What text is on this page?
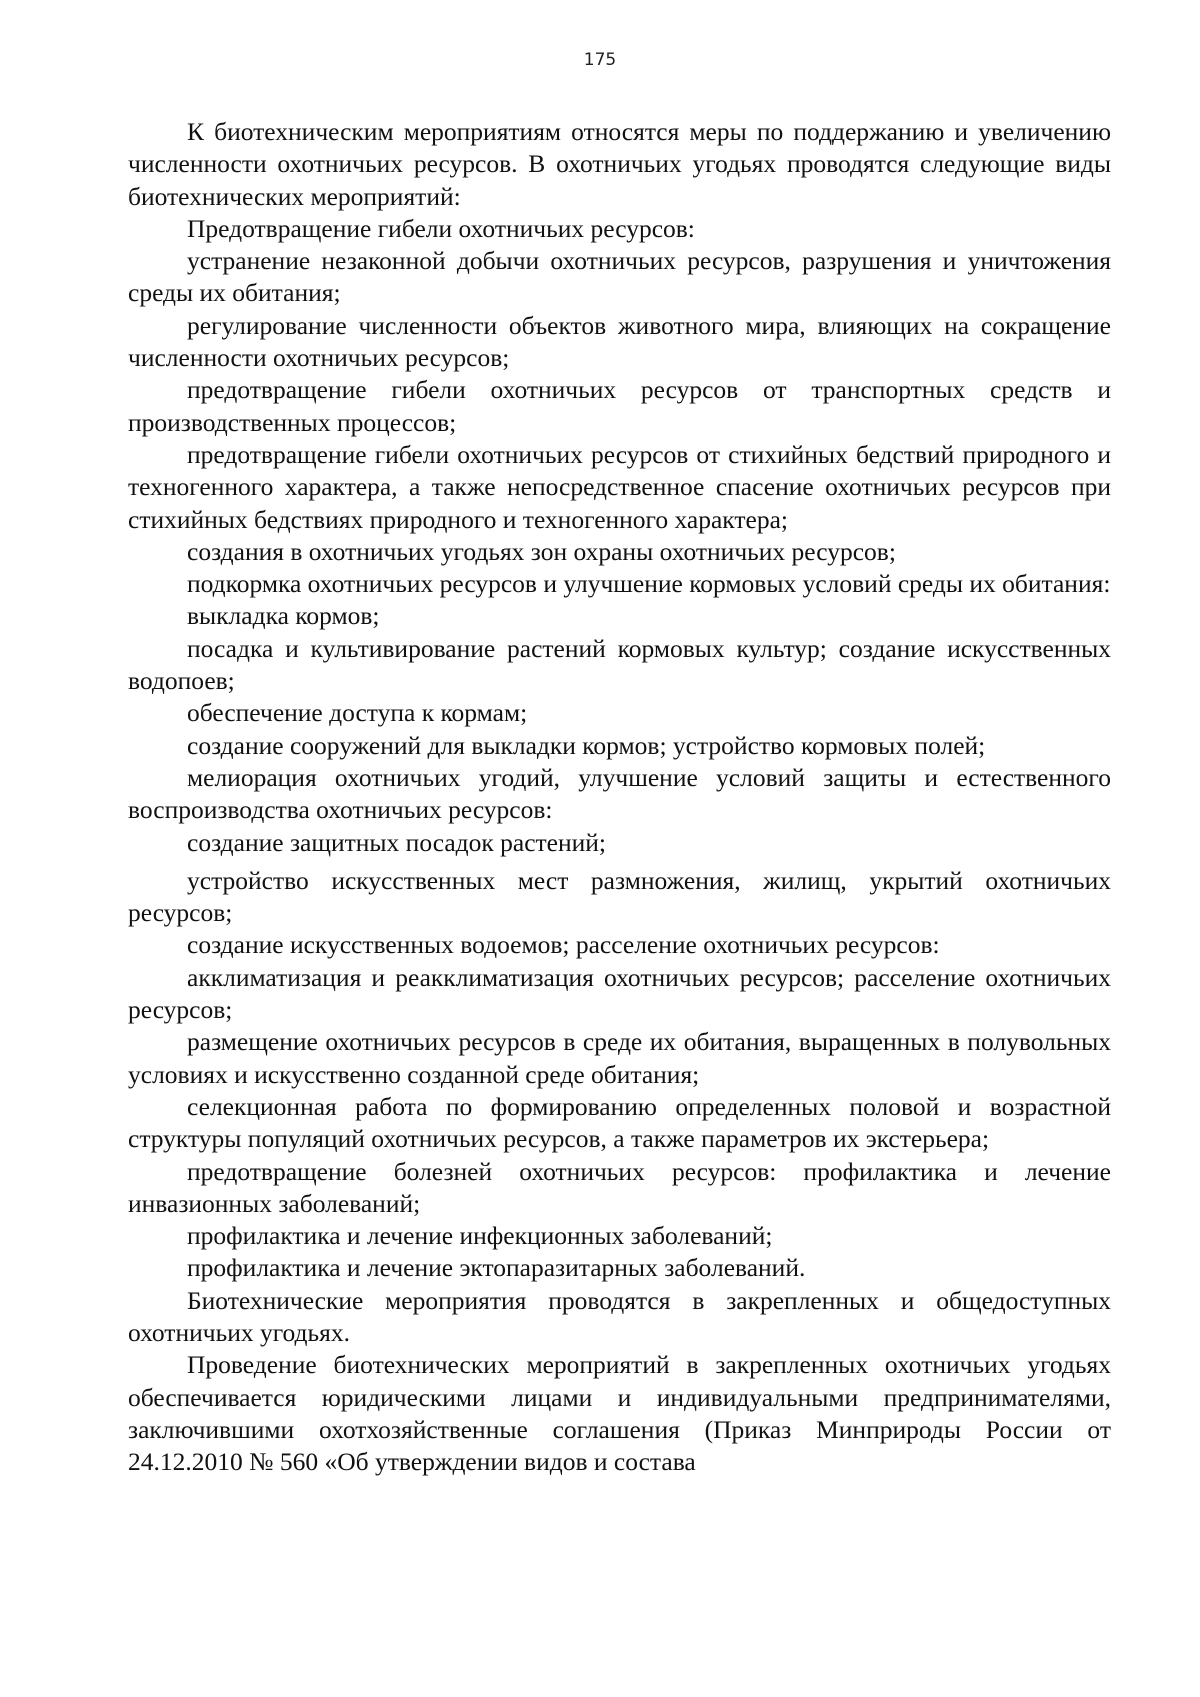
175

К биотехническим мероприятиям относятся меры по поддержанию и увеличению численности охотничьих ресурсов. В охотничьих угодьях проводятся следующие виды биотехнических мероприятий:

Предотвращение гибели охотничьих ресурсов:

устранение незаконной добычи охотничьих ресурсов, разрушения и уничтожения среды их обитания;

регулирование численности объектов животного мира, влияющих на сокращение численности охотничьих ресурсов;

предотвращение гибели охотничьих ресурсов от транспортных средств и производственных процессов;

предотвращение гибели охотничьих ресурсов от стихийных бедствий природного и техногенного характера, а также непосредственное спасение охотничьих ресурсов при стихийных бедствиях природного и техногенного характера;

создания в охотничьих угодьях зон охраны охотничьих ресурсов;

подкормка охотничьих ресурсов и улучшение кормовых условий среды их обитания:

выкладка кормов;

посадка и культивирование растений кормовых культур; создание искусственных водопоев;

обеспечение доступа к кормам;

создание сооружений для выкладки кормов; устройство кормовых полей;

мелиорация охотничьих угодий, улучшение условий защиты и естественного воспроизводства охотничьих ресурсов:

создание защитных посадок растений;

устройство искусственных мест размножения, жилищ, укрытий охотничьих ресурсов;

создание искусственных водоемов; расселение охотничьих ресурсов:

акклиматизация и реакклиматизация охотничьих ресурсов; расселение охотничьих ресурсов;

размещение охотничьих ресурсов в среде их обитания, выращенных в полувольных условиях и искусственно созданной среде обитания;

селекционная работа по формированию определенных половой и возрастной структуры популяций охотничьих ресурсов, а также параметров их экстерьера;

предотвращение болезней охотничьих ресурсов: профилактика и лечение инвазионных заболеваний;

профилактика и лечение инфекционных заболеваний;

профилактика и лечение эктопаразитарных заболеваний.

Биотехнические мероприятия проводятся в закрепленных и общедоступных охотничьих угодьях.

Проведение биотехнических мероприятий в закрепленных охотничьих угодьях обеспечивается юридическими лицами и индивидуальными предпринимателями, заключившими охотхозяйственные соглашения (Приказ Минприроды России от 24.12.2010 № 560 «Об утверждении видов и состава
